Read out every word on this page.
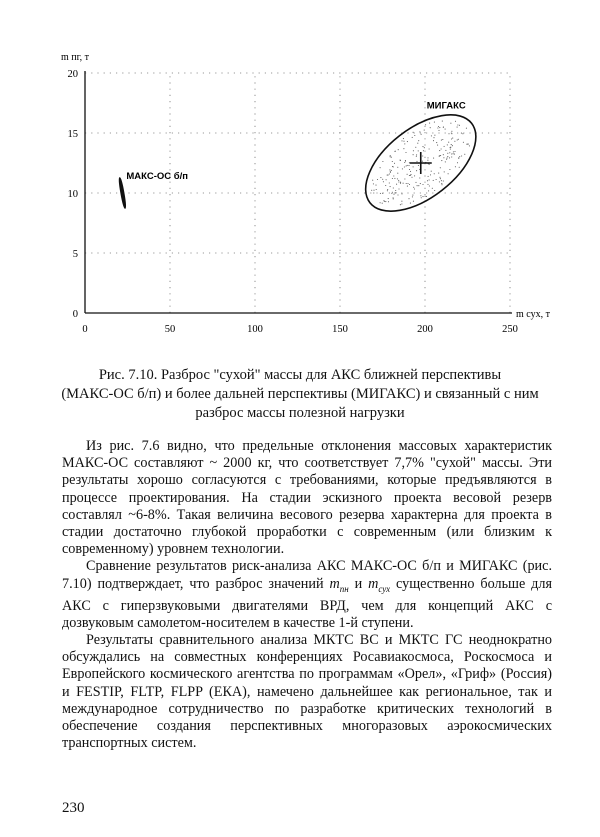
0	50	100	150	200	250
0
5
10
15
20
m пг, т
m сух, т
МАКС-ОС б/п
МИГАКС
Рис. 7.10. Разброс "сухой" массы для АКС ближней перспективы
(МАКС-ОС б/п) и более дальней перспективы (МИГАКС) и связанный с ним
разброс массы полезной нагрузки

Из рис. 7.6 видно, что предельные отклонения массовых характеристик МАКС-ОС составляют ~ 2000 кг, что соответствует 7,7% "сухой" массы. Эти результаты хорошо согласуются с требованиями, которые предъявляются в процессе проектирования. На стадии эскизного проекта весовой резерв составлял ~6-8%. Такая величина весового резерва характерна для проекта в стадии достаточно глубокой проработки с современным (или близким к современному) уровнем технологии.

Сравнение результатов риск-анализа АКС МАКС-ОС б/п и МИГАКС (рис. 7.10) подтверждает, что разброс значений $m_{пн}$ и $m_{сух}$ существенно больше для АКС с гиперзвуковыми двигателями ВРД, чем для концепций АКС с дозвуковым самолетом-носителем в качестве 1-й ступени.

Результаты сравнительного анализа МКТС ВС и МКТС ГС неоднократно обсуждались на совместных конференциях Росавиакосмоса, Роскосмоса и Европейского космического агентства по программам «Орел», «Гриф» (Россия) и FESTIP, FLTP, FLPP (ЕКА), намечено дальнейшее как региональное, так и международное сотрудничество по разработке критических технологий в обеспечение создания перспективных многоразовых аэрокосмических транспортных систем.

230
